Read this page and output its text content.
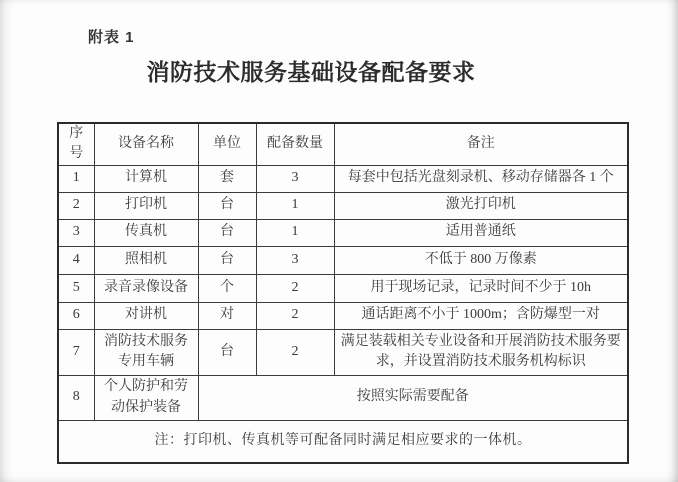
附表 1
消防技术服务基础设备配备要求
序号	设备名称	单位	配备数量	备注
1	计算机	套	3	每套中包括光盘刻录机、移动存储器各 1 个
2	打印机	台	1	激光打印机
3	传真机	台	1	适用普通纸
4	照相机	台	3	不低于 800 万像素
5	录音录像设备	个	2	用于现场记录，记录时间不少于 10h
6	对讲机	对	2	通话距离不小于 1000m；含防爆型一对
7	消防技术服务专用车辆	台	2	满足装载相关专业设备和开展消防技术服务要求，并设置消防技术服务机构标识
8	个人防护和劳动保护装备	按照实际需要配备		
注：打印机、传真机等可配备同时满足相应要求的一体机。				
